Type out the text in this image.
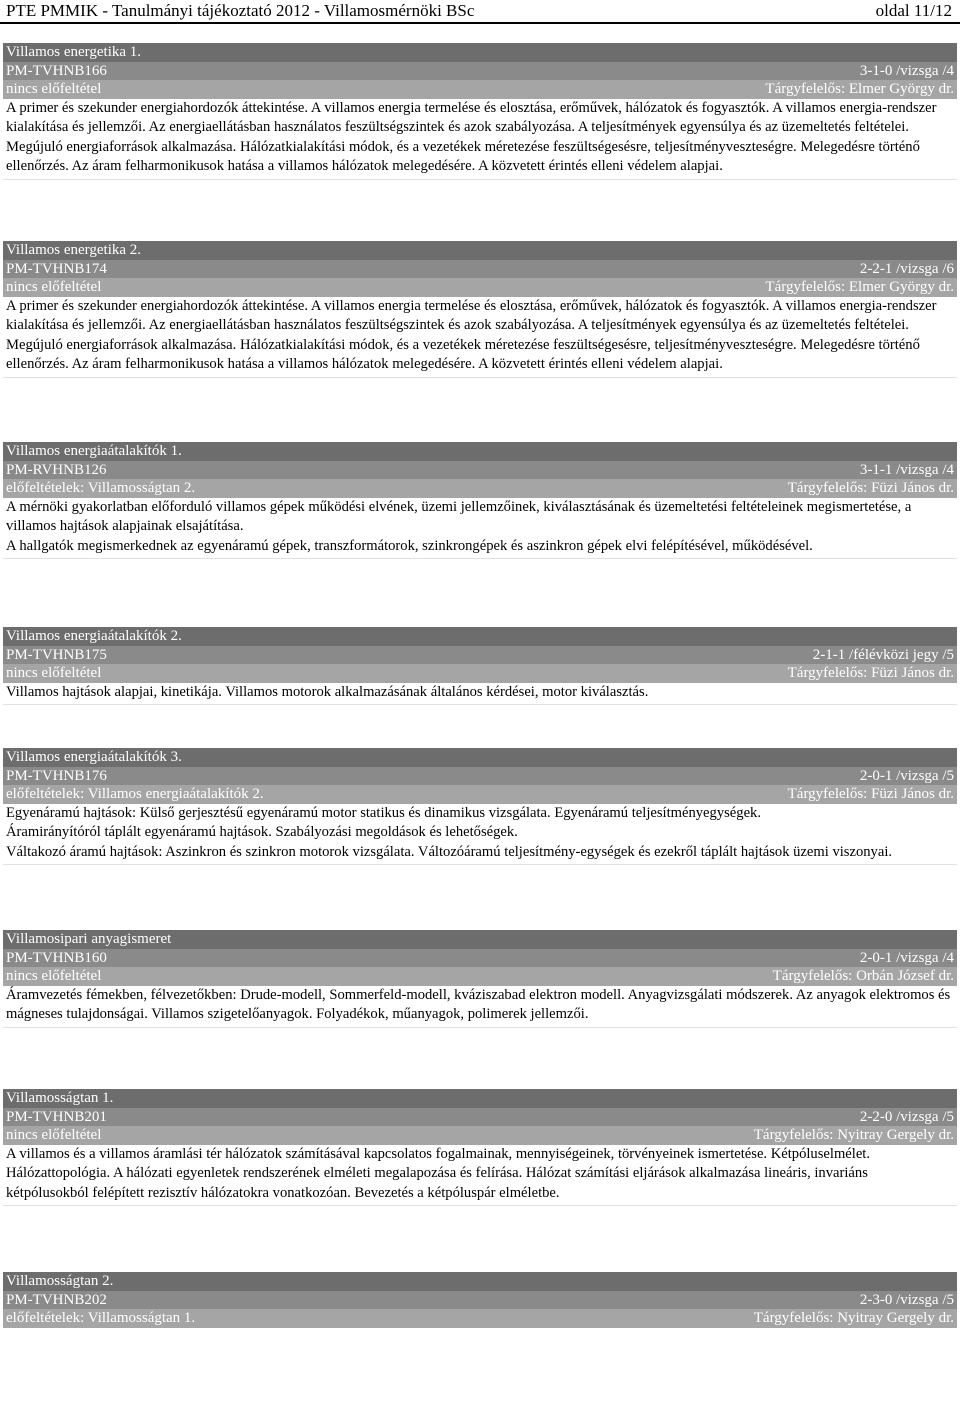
PTE PMMIK - Tanulmányi tájékoztató 2012 - Villamosmérnöki BSc	oldal 11/12
Villamos energetika 1.
PM-TVHNB166	3-1-0 /vizsga /4
nincs előfeltétel	Tárgyfelelős: Elmer György dr.

A primer és szekunder energiahordozók áttekintése. A villamos energia termelése és elosztása, erőművek, hálózatok és fogyasztók. A villamos energia-rendszer kialakítása és jellemzői. Az energiaellátásban használatos feszültségszintek és azok szabályozása. A teljesítmények egyensúlya és az üzemeltetés feltételei. Megújuló energiaforrások alkalmazása. Hálózatkialakítási módok, és a vezetékek méretezése feszültségesésre, teljesítményveszteségre. Melegedésre történő ellenőrzés. Az áram felharmonikusok hatása a villamos hálózatok melegedésére. A közvetett érintés elleni védelem alapjai.

Villamos energetika 2.
PM-TVHNB174	2-2-1 /vizsga /6
nincs előfeltétel	Tárgyfelelős: Elmer György dr.

A primer és szekunder energiahordozók áttekintése. A villamos energia termelése és elosztása, erőművek, hálózatok és fogyasztók. A villamos energia-rendszer kialakítása és jellemzői. Az energiaellátásban használatos feszültségszintek és azok szabályozása. A teljesítmények egyensúlya és az üzemeltetés feltételei. Megújuló energiaforrások alkalmazása. Hálózatkialakítási módok, és a vezetékek méretezése feszültségesésre, teljesítményveszteségre. Melegedésre történő ellenőrzés. Az áram felharmonikusok hatása a villamos hálózatok melegedésére. A közvetett érintés elleni védelem alapjai.

Villamos energiaátalakítók 1.
PM-RVHNB126	3-1-1 /vizsga /4
előfeltételek: Villamosságtan 2.	Tárgyfelelős: Füzi János dr.

A mérnöki gyakorlatban előforduló villamos gépek működési elvének, üzemi jellemzőinek, kiválasztásának és üzemeltetési feltételeinek megismertetése, a villamos hajtások alapjainak elsajátítása.

A hallgatók megismerkednek az egyenáramú gépek, transzformátorok, szinkrongépek és aszinkron gépek elvi felépítésével, működésével.

Villamos energiaátalakítók 2.
PM-TVHNB175	2-1-1 /félévközi jegy /5
nincs előfeltétel	Tárgyfelelős: Füzi János dr.

Villamos hajtások alapjai, kinetikája. Villamos motorok alkalmazásának általános kérdései, motor kiválasztás.

Villamos energiaátalakítók 3.
PM-TVHNB176	2-0-1 /vizsga /5
előfeltételek: Villamos energiaátalakítók 2.	Tárgyfelelős: Füzi János dr.

Egyenáramú hajtások: Külső gerjesztésű egyenáramú motor statikus és dinamikus vizsgálata. Egyenáramú teljesítményegységek.

Áramirányítóról táplált egyenáramú hajtások. Szabályozási megoldások és lehetőségek.

Váltakozó áramú hajtások: Aszinkron és szinkron motorok vizsgálata. Változóáramú teljesítmény-egységek és ezekről táplált hajtások üzemi viszonyai.

Villamosipari anyagismeret
PM-TVHNB160	2-0-1 /vizsga /4
nincs előfeltétel	Tárgyfelelős: Orbán József dr.

Áramvezetés fémekben, félvezetőkben: Drude-modell, Sommerfeld-modell, kváziszabad elektron modell. Anyagvizsgálati módszerek. Az anyagok elektromos és mágneses tulajdonságai. Villamos szigetelőanyagok. Folyadékok, műanyagok, polimerek jellemzői.

Villamosságtan 1.
PM-TVHNB201	2-2-0 /vizsga /5
nincs előfeltétel	Tárgyfelelős: Nyitray Gergely dr.

A villamos és a villamos áramlási tér hálózatok számításával kapcsolatos fogalmainak, mennyiségeinek, törvényeinek ismertetése. Kétpóluselmélet. Hálózattopológia. A hálózati egyenletek rendszerének elméleti megalapozása és felírása. Hálózat számítási eljárások alkalmazása lineáris, invariáns kétpólusokból felépített rezisztív hálózatokra vonatkozóan. Bevezetés a kétpóluspár elméletbe.

Villamosságtan 2.
PM-TVHNB202	2-3-0 /vizsga /5
előfeltételek: Villamosságtan 1.	Tárgyfelelős: Nyitray Gergely dr.
